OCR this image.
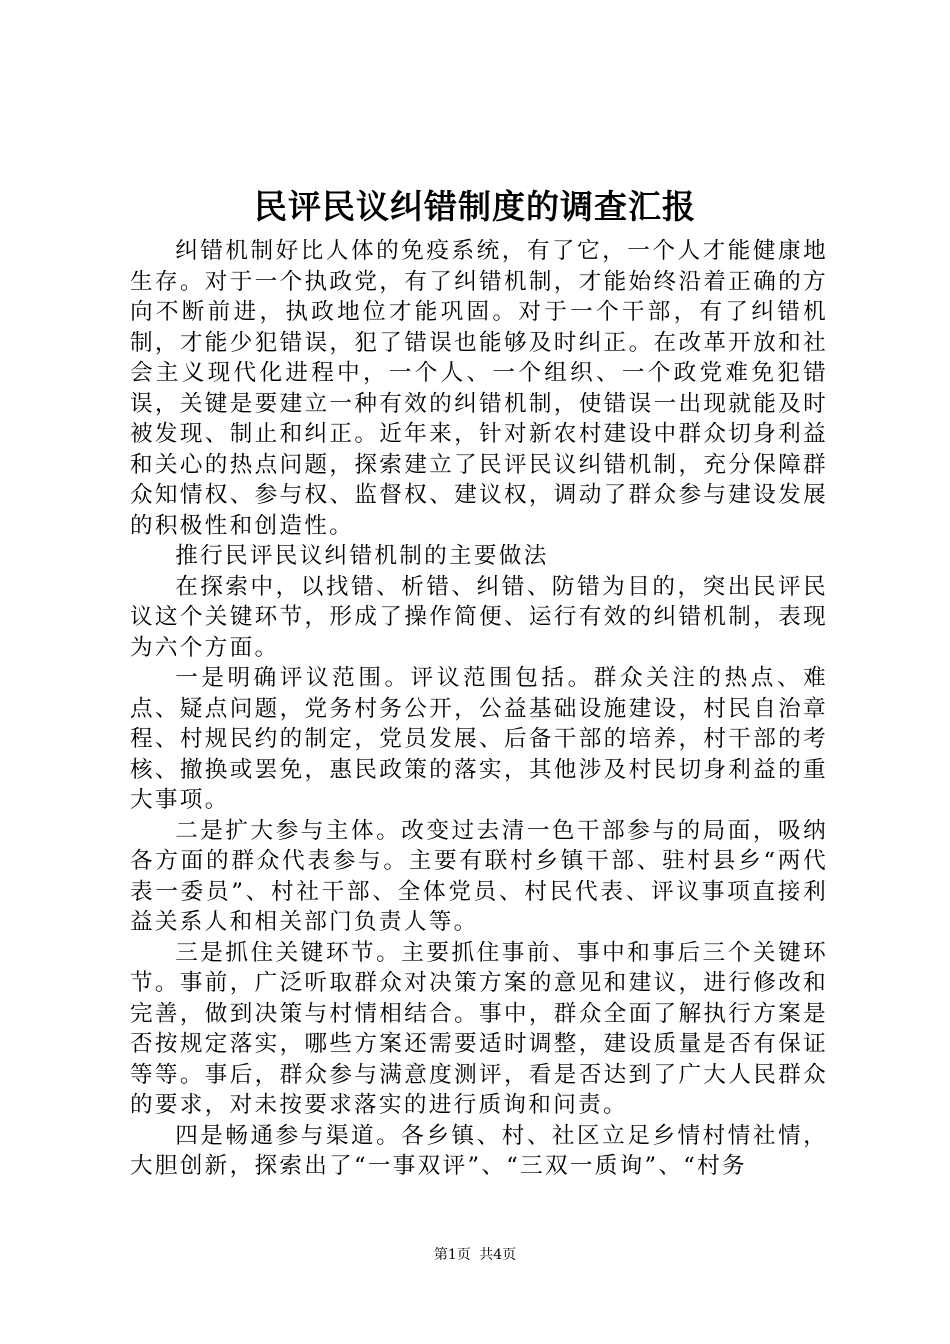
民评民议纠错制度的调查汇报

纠错机制好比人体的免疫系统，有了它，一个人才能健康地生存。对于一个执政党，有了纠错机制，才能始终沿着正确的方向不断前进，执政地位才能巩固。对于一个干部，有了纠错机制，才能少犯错误，犯了错误也能够及时纠正。在改革开放和社会主义现代化进程中，一个人、一个组织、一个政党难免犯错误，关键是要建立一种有效的纠错机制，使错误一出现就能及时被发现、制止和纠正。近年来，针对新农村建设中群众切身利益和关心的热点问题，探索建立了民评民议纠错机制，充分保障群众知情权、参与权、监督权、建议权，调动了群众参与建设发展的积极性和创造性。

推行民评民议纠错机制的主要做法

在探索中，以找错、析错、纠错、防错为目的，突出民评民议这个关键环节，形成了操作简便、运行有效的纠错机制，表现为六个方面。

一是明确评议范围。评议范围包括。群众关注的热点、难点、疑点问题，党务村务公开，公益基础设施建设，村民自治章程、村规民约的制定，党员发展、后备干部的培养，村干部的考核、撤换或罢免，惠民政策的落实，其他涉及村民切身利益的重大事项。

二是扩大参与主体。改变过去清一色干部参与的局面，吸纳各方面的群众代表参与。主要有联村乡镇干部、驻村县乡“两代表一委员”、村社干部、全体党员、村民代表、评议事项直接利益关系人和相关部门负责人等。

三是抓住关键环节。主要抓住事前、事中和事后三个关键环节。事前，广泛听取群众对决策方案的意见和建议，进行修改和完善，做到决策与村情相结合。事中，群众全面了解执行方案是否按规定落实，哪些方案还需要适时调整，建设质量是否有保证等等。事后，群众参与满意度测评，看是否达到了广大人民群众的要求，对未按要求落实的进行质询和问责。

四是畅通参与渠道。各乡镇、村、社区立足乡情村情社情，大胆创新，探索出了“一事双评”、“三双一质询”、“村务

第1页 共4页
